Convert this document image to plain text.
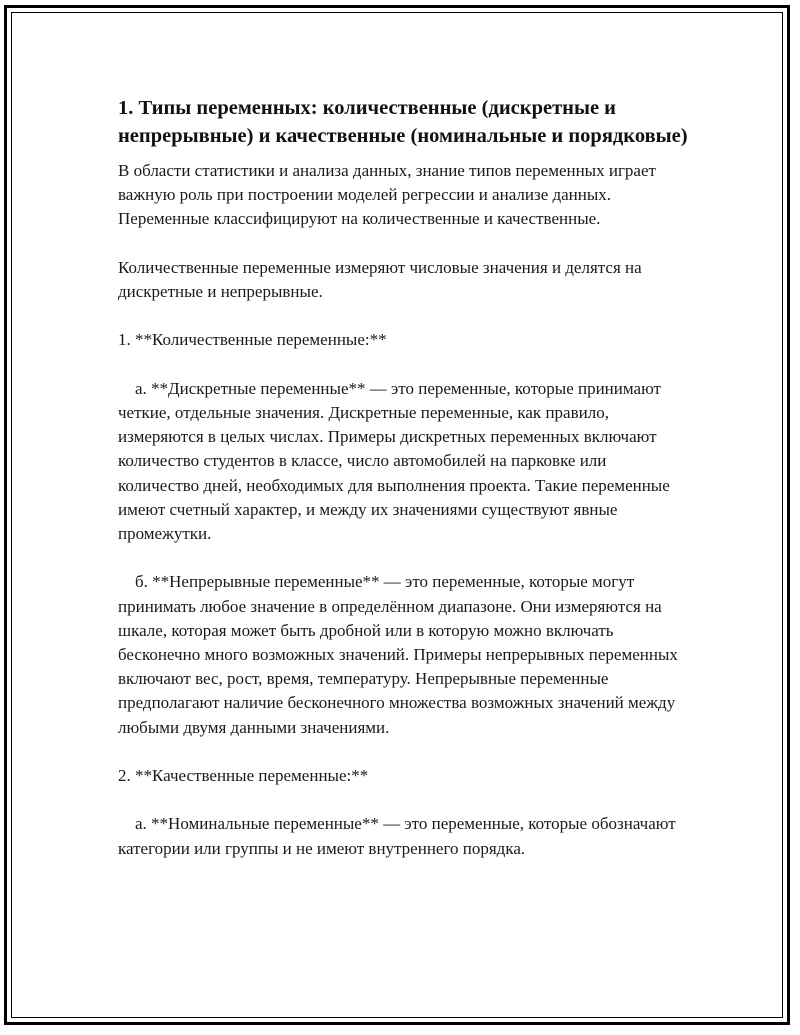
1. Типы переменных: количественные (дискретные и непрерывные) и качественные (номинальные и порядковые)

В области статистики и анализа данных, знание типов переменных играет важную роль при построении моделей регрессии и анализе данных. Переменные классифицируют на количественные и качественные.

Количественные переменные измеряют числовые значения и делятся на дискретные и непрерывные.

1. **Количественные переменные:**

а. **Дискретные переменные** — это переменные, которые принимают четкие, отдельные значения. Дискретные переменные, как правило, измеряются в целых числах. Примеры дискретных переменных включают количество студентов в классе, число автомобилей на парковке или количество дней, необходимых для выполнения проекта. Такие переменные имеют счетный характер, и между их значениями существуют явные промежутки.

б. **Непрерывные переменные** — это переменные, которые могут принимать любое значение в определённом диапазоне. Они измеряются на шкале, которая может быть дробной или в которую можно включать бесконечно много возможных значений. Примеры непрерывных переменных включают вес, рост, время, температуру. Непрерывные переменные предполагают наличие бесконечного множества возможных значений между любыми двумя данными значениями.

2. **Качественные переменные:**

а. **Номинальные переменные** — это переменные, которые обозначают категории или группы и не имеют внутреннего порядка.
